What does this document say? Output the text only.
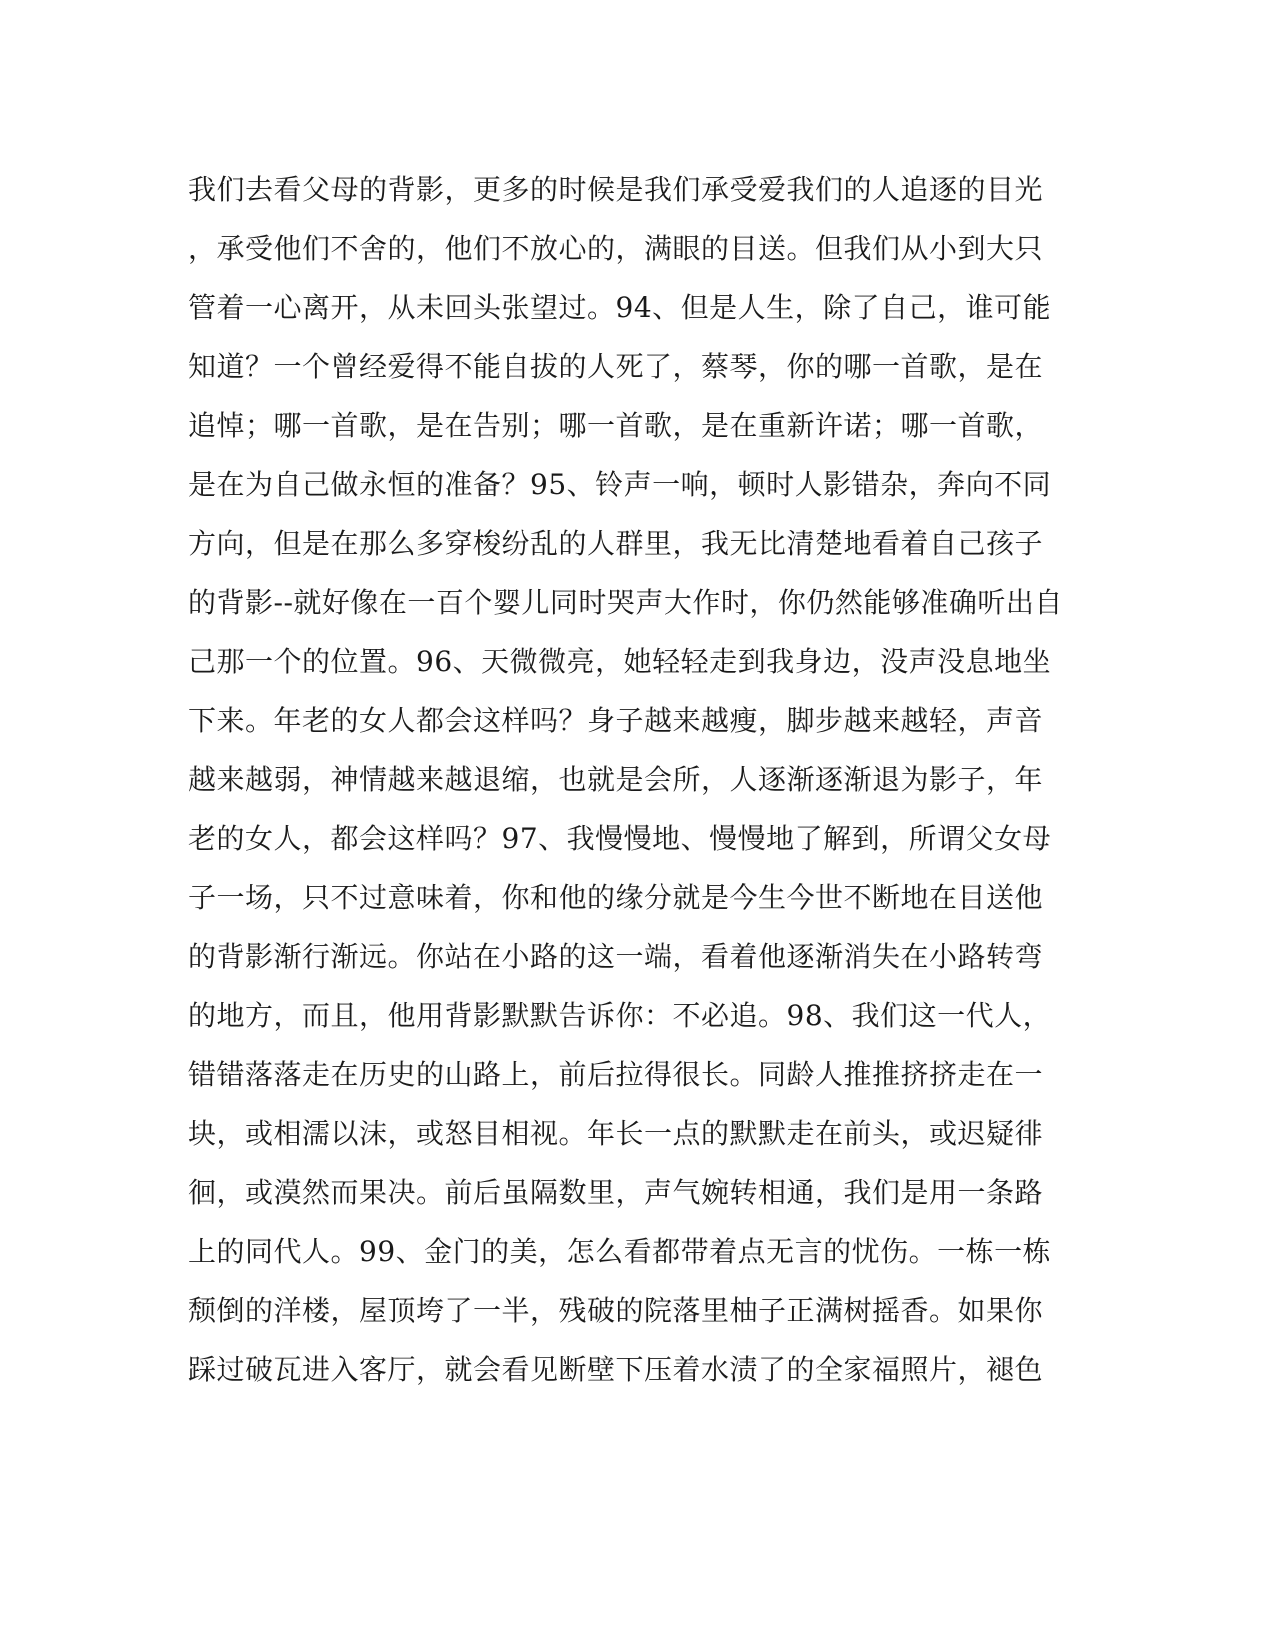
我们去看父母的背影，更多的时候是我们承受爱我们的人追逐的目光
，承受他们不舍的，他们不放心的，满眼的目送。但我们从小到大只
管着一心离开，从未回头张望过。94、但是人生，除了自己，谁可能
知道？一个曾经爱得不能自拔的人死了，蔡琴，你的哪一首歌，是在
追悼；哪一首歌，是在告别；哪一首歌，是在重新许诺；哪一首歌，
是在为自己做永恒的准备？95、铃声一响，顿时人影错杂，奔向不同
方向，但是在那么多穿梭纷乱的人群里，我无比清楚地看着自己孩子
的背影--就好像在一百个婴儿同时哭声大作时，你仍然能够准确听出自
己那一个的位置。96、天微微亮，她轻轻走到我身边，没声没息地坐
下来。年老的女人都会这样吗？身子越来越瘦，脚步越来越轻，声音
越来越弱，神情越来越退缩，也就是会所，人逐渐逐渐退为影子，年
老的女人，都会这样吗？97、我慢慢地、慢慢地了解到，所谓父女母
子一场，只不过意味着，你和他的缘分就是今生今世不断地在目送他
的背影渐行渐远。你站在小路的这一端，看着他逐渐消失在小路转弯
的地方，而且，他用背影默默告诉你：不必追。98、我们这一代人，
错错落落走在历史的山路上，前后拉得很长。同龄人推推挤挤走在一
块，或相濡以沫，或怒目相视。年长一点的默默走在前头，或迟疑徘
徊，或漠然而果决。前后虽隔数里，声气婉转相通，我们是用一条路
上的同代人。99、金门的美，怎么看都带着点无言的忧伤。一栋一栋
颓倒的洋楼，屋顶垮了一半，残破的院落里柚子正满树摇香。如果你
踩过破瓦进入客厅，就会看见断壁下压着水渍了的全家福照片，褪色
